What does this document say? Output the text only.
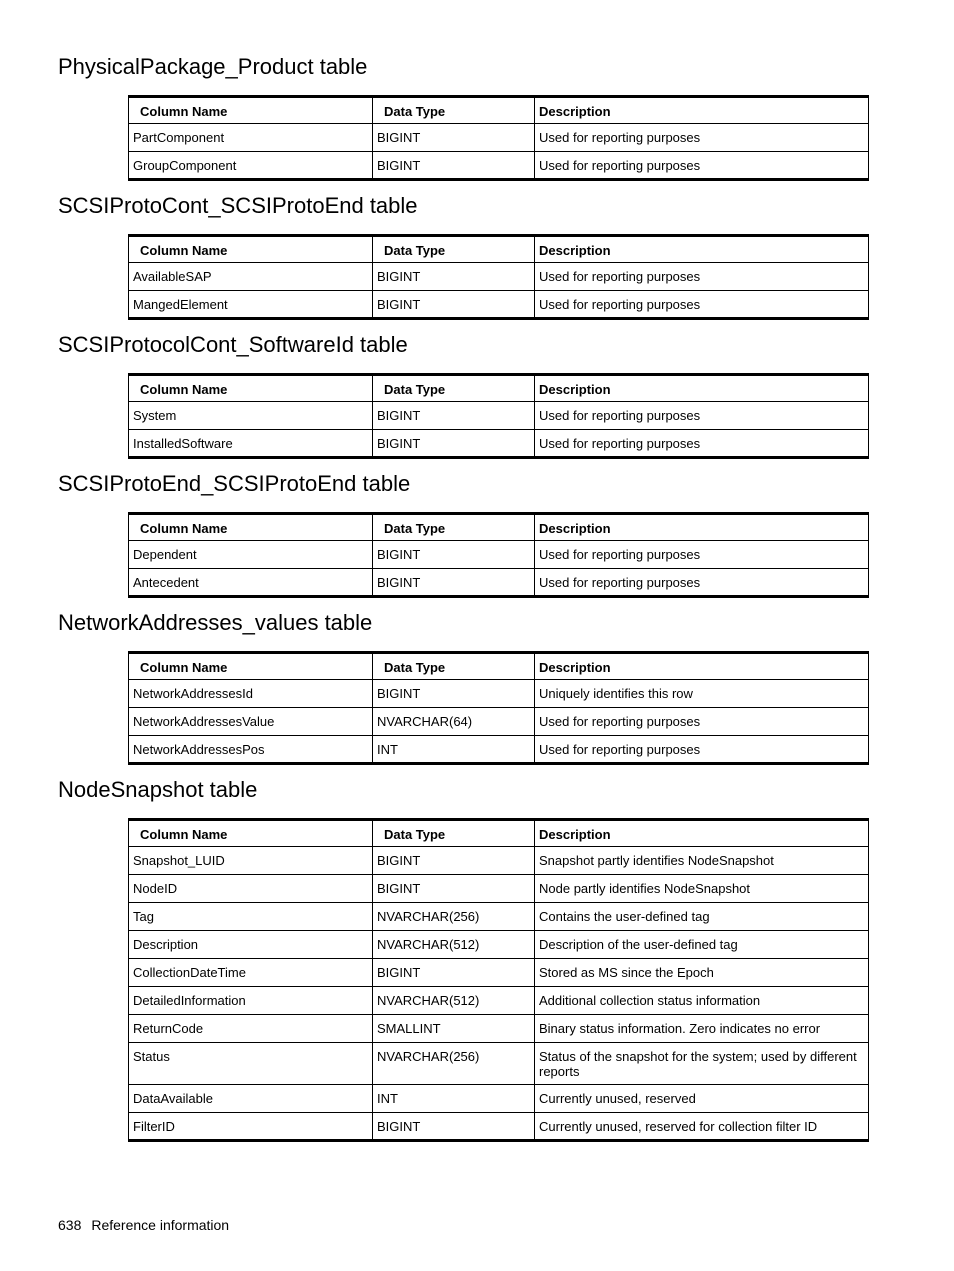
PhysicalPackage_Product table
Column Name	Data Type	Description
PartComponent	BIGINT	Used for reporting purposes
GroupComponent	BIGINT	Used for reporting purposes
SCSIProtoCont_SCSIProtoEnd table
Column Name	Data Type	Description
AvailableSAP	BIGINT	Used for reporting purposes
MangedElement	BIGINT	Used for reporting purposes
SCSIProtocolCont_SoftwareId table
Column Name	Data Type	Description
System	BIGINT	Used for reporting purposes
InstalledSoftware	BIGINT	Used for reporting purposes
SCSIProtoEnd_SCSIProtoEnd table
Column Name	Data Type	Description
Dependent	BIGINT	Used for reporting purposes
Antecedent	BIGINT	Used for reporting purposes
NetworkAddresses_values table
Column Name	Data Type	Description
NetworkAddressesId	BIGINT	Uniquely identifies this row
NetworkAddressesValue	NVARCHAR(64)	Used for reporting purposes
NetworkAddressesPos	INT	Used for reporting purposes
NodeSnapshot table
Column Name	Data Type	Description
Snapshot_LUID	BIGINT	Snapshot partly identifies NodeSnapshot
NodeID	BIGINT	Node partly identifies NodeSnapshot
Tag	NVARCHAR(256)	Contains the user-defined tag
Description	NVARCHAR(512)	Description of the user-defined tag
CollectionDateTime	BIGINT	Stored as MS since the Epoch
DetailedInformation	NVARCHAR(512)	Additional collection status information
ReturnCode	SMALLINT	Binary status information. Zero indicates no error
Status	NVARCHAR(256)	Status of the snapshot for the system; used by different reports
DataAvailable	INT	Currently unused, reserved
FilterID	BIGINT	Currently unused, reserved for collection filter ID
638 Reference information
